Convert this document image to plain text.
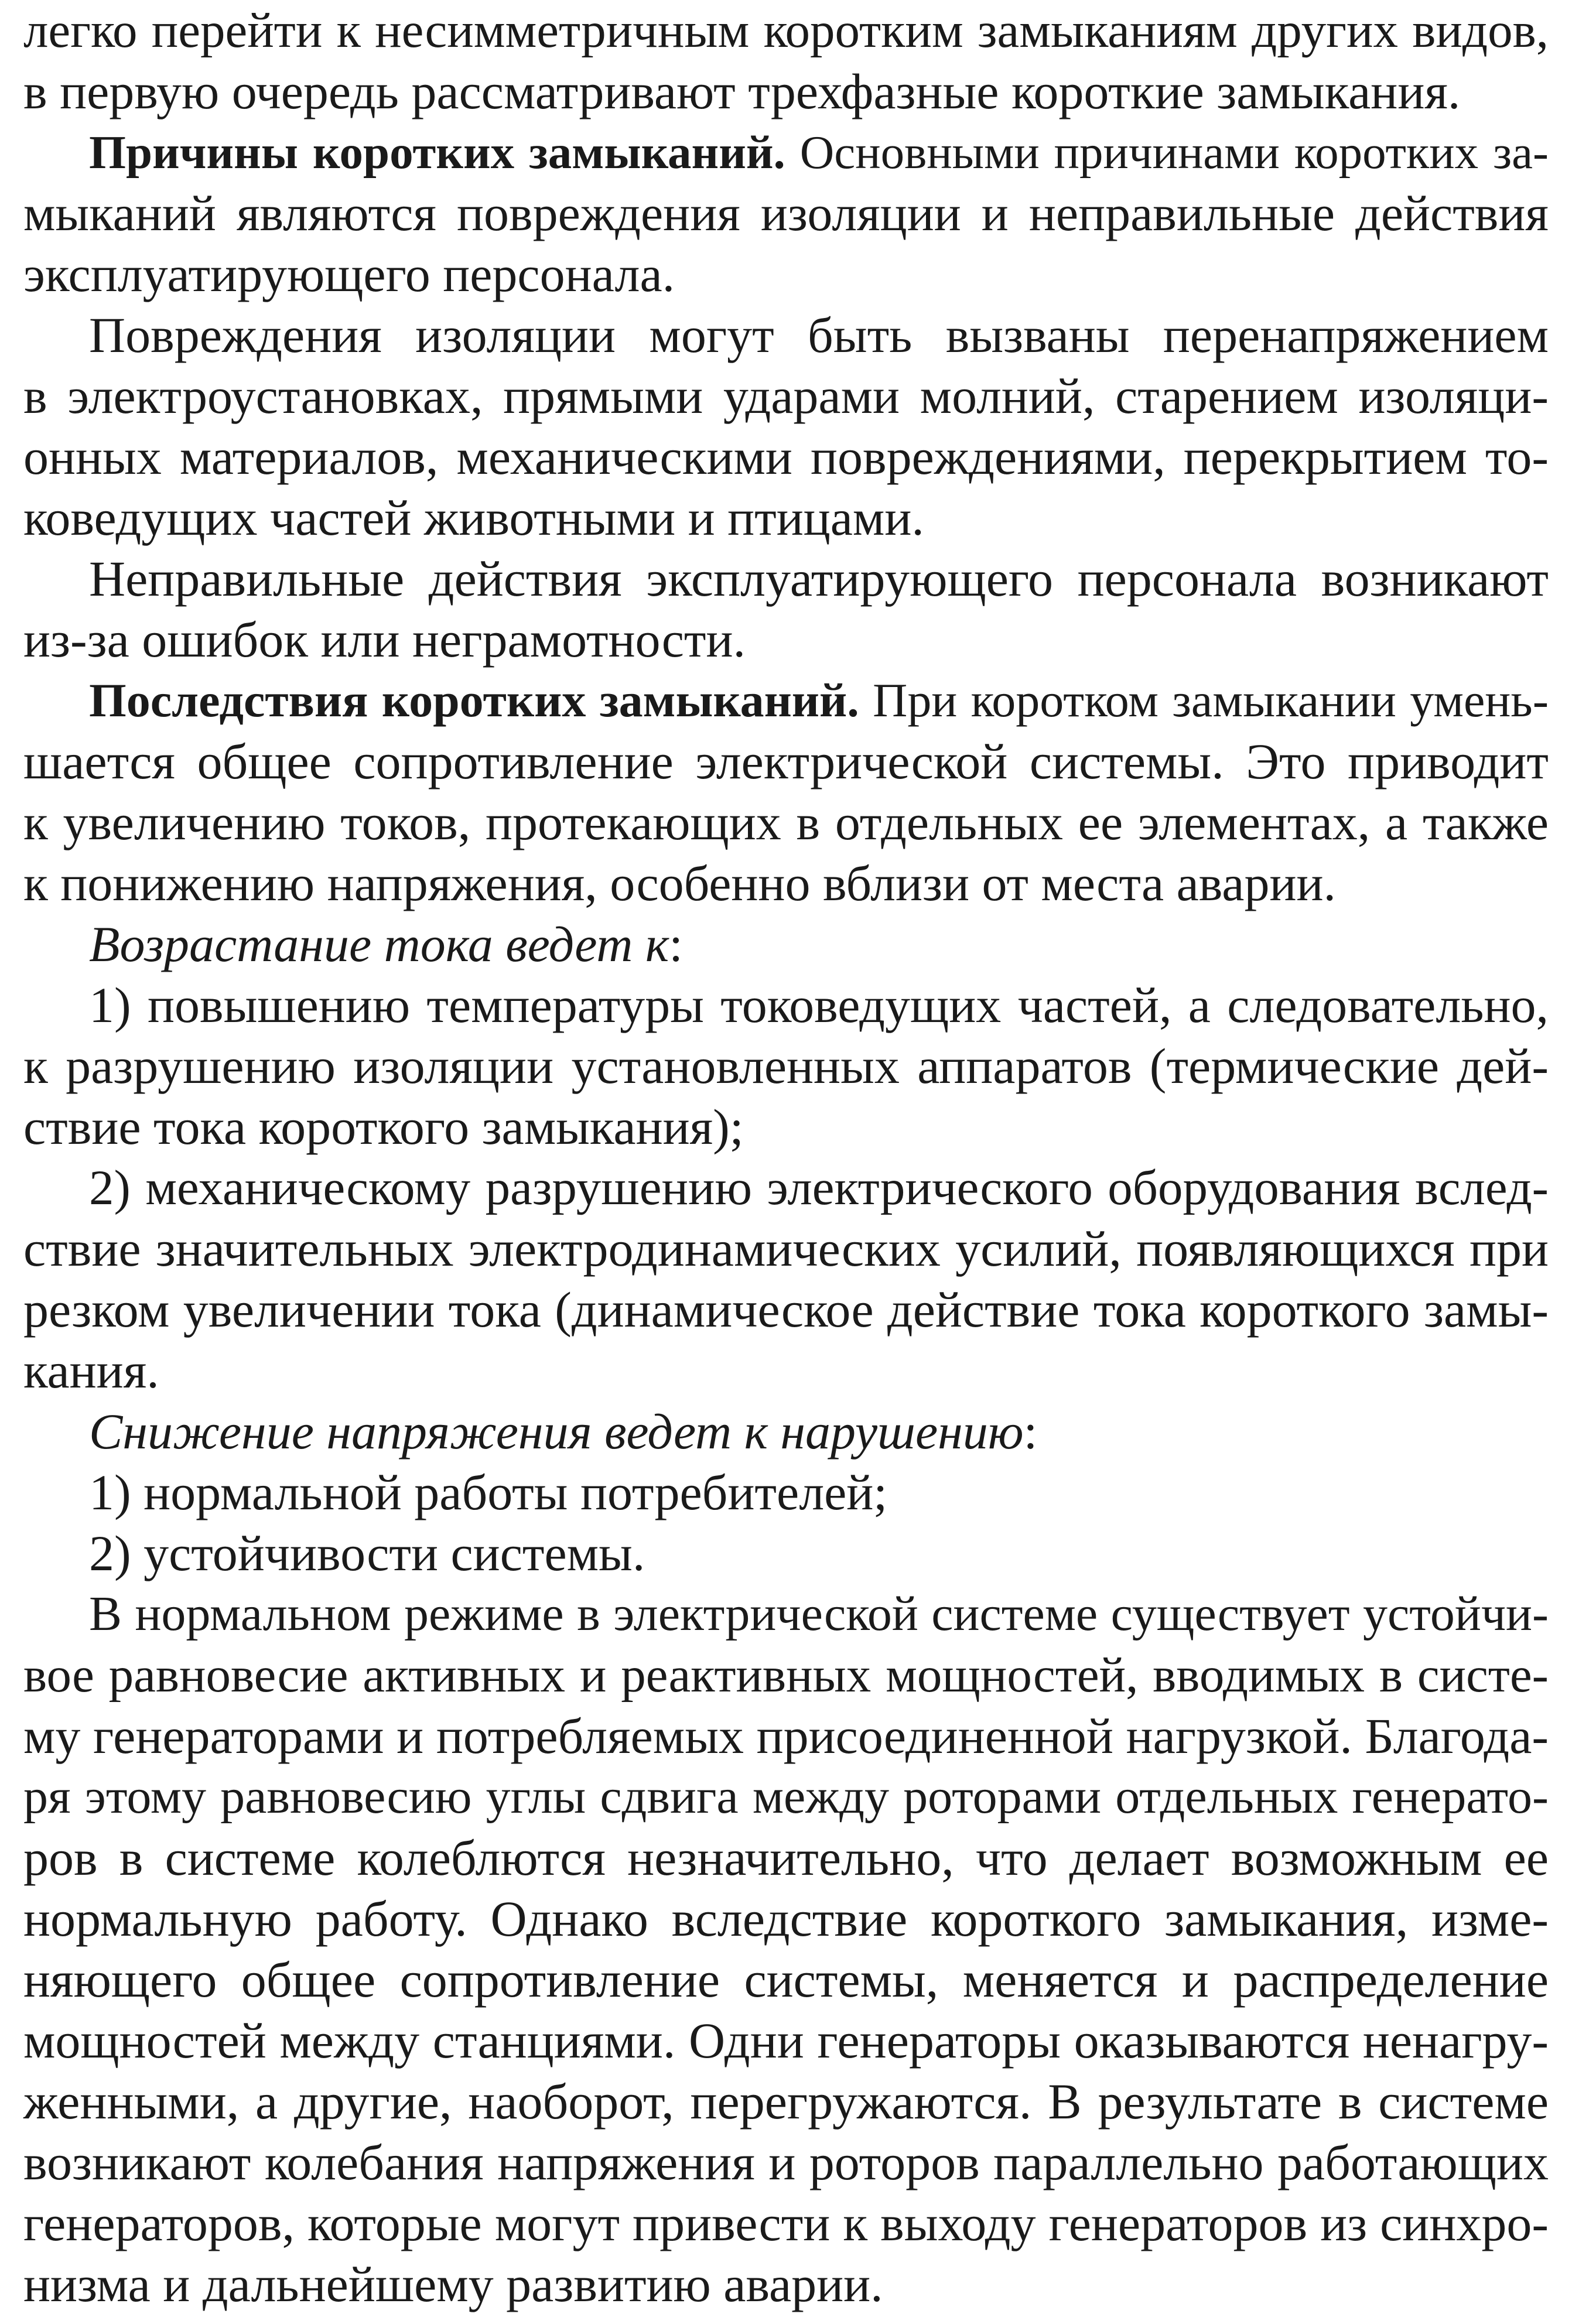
легко перейти к несимметричным коротким замыканиям других видов,
в первую очередь рассматривают трехфазные короткие замыкания.
Причины коротких замыканий. Основными причинами коротких за-
мыканий являются повреждения изоляции и неправильные действия
эксплуатирующего персонала.
Повреждения изоляции могут быть вызваны перенапряжением
в электроустановках, прямыми ударами молний, старением изоляци-
онных материалов, механическими повреждениями, перекрытием то-
коведущих частей животными и птицами.
Неправильные действия эксплуатирующего персонала возникают
из-за ошибок или неграмотности.
Последствия коротких замыканий. При коротком замыкании умень-
шается общее сопротивление электрической системы. Это приводит
к увеличению токов, протекающих в отдельных ее элементах, а также
к понижению напряжения, особенно вблизи от места аварии.
Возрастание тока ведет к:
1) повышению температуры токоведущих частей, а следовательно,
к разрушению изоляции установленных аппаратов (термические дей-
ствие тока короткого замыкания);
2) механическому разрушению электрического оборудования вслед-
ствие значительных электродинамических усилий, появляющихся при
резком увеличении тока (динамическое действие тока короткого замы-
кания.
Снижение напряжения ведет к нарушению:
1) нормальной работы потребителей;
2) устойчивости системы.
В нормальном режиме в электрической системе существует устойчи-
вое равновесие активных и реактивных мощностей, вводимых в систе-
му генераторами и потребляемых присоединенной нагрузкой. Благода-
ря этому равновесию углы сдвига между роторами отдельных генерато-
ров в системе колеблются незначительно, что делает возможным ее
нормальную работу. Однако вследствие короткого замыкания, изме-
няющего общее сопротивление системы, меняется и распределение
мощностей между станциями. Одни генераторы оказываются ненагру-
женными, а другие, наоборот, перегружаются. В результате в системе
возникают колебания напряжения и роторов параллельно работающих
генераторов, которые могут привести к выходу генераторов из синхро-
низма и дальнейшему развитию аварии.
